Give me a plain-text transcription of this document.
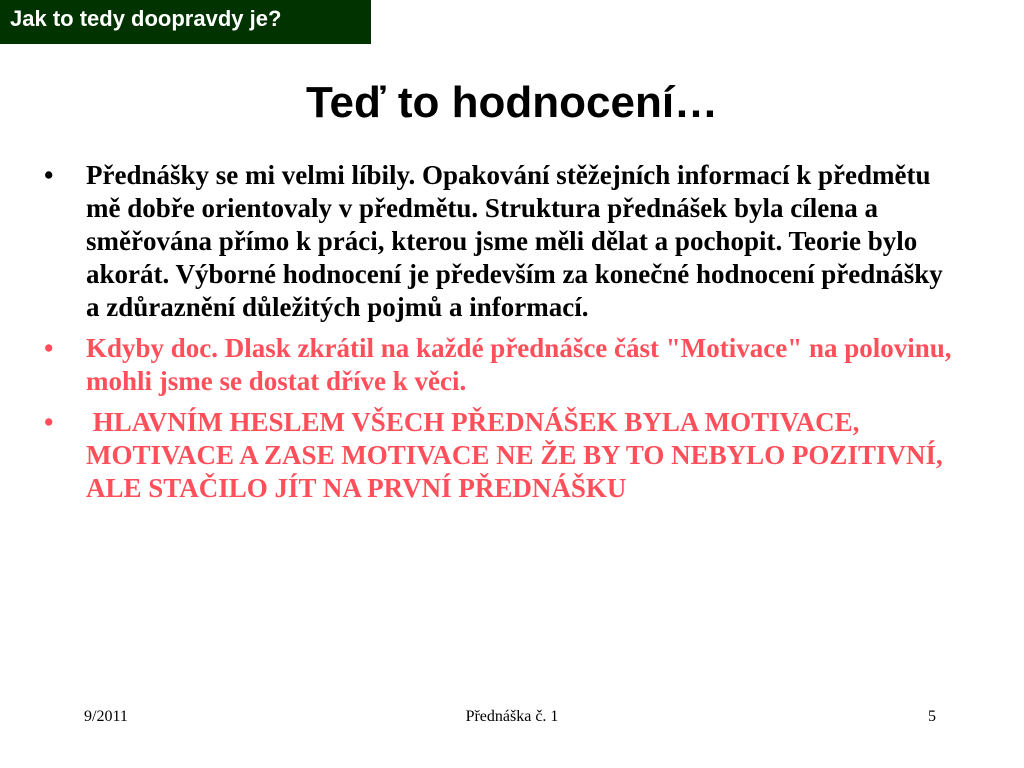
Jak to tedy doopravdy je?
Teď to hodnocení…
• Přednášky se mi velmi líbily. Opakování stěžejních informací k předmětu mě dobře orientovaly v předmětu. Struktura přednášek byla cílena a směřována přímo k práci, kterou jsme měli dělat a pochopit. Teorie bylo akorát. Výborné hodnocení je především za konečné hodnocení přednášky a zdůraznění důležitých pojmů a informací.
• Kdyby doc. Dlask zkrátil na každé přednášce část "Motivace" na polovinu, mohli jsme se dostat dříve k věci.
• HLAVNÍM HESLEM VŠECH PŘEDNÁŠEK BYLA MOTIVACE, MOTIVACE A ZASE MOTIVACE NE ŽE BY TO NEBYLO POZITIVNÍ, ALE STAČILO JÍT NA PRVNÍ PŘEDNÁŠKU
9/2011	Přednáška č. 1	5
